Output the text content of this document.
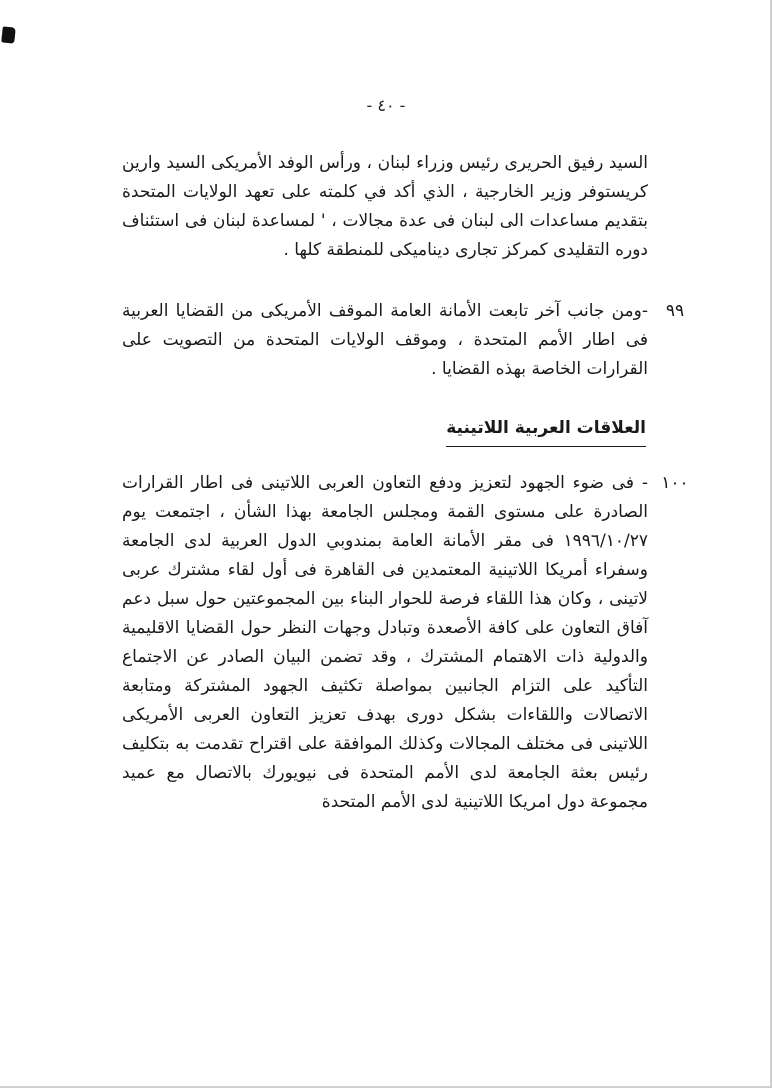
- ٤٠ -

السيد رفيق الحريرى رئيس وزراء لبنان ، ورأس الوفد الأمريكى السيد وارين كريستوفر وزير الخارجية ، الذي أكد في كلمته على تعهد الولايات المتحدة بتقديم مساعدات الى لبنان فى عدة مجالات ، ' لمساعدة لبنان فى استئناف دوره التقليدى كمركز تجارى ديناميكى للمنطقة كلها .

٩٩
-ومن جانب آخر تابعت الأمانة العامة الموقف الأمريكى من القضايا العربية فى اطار الأمم المتحدة ، وموقف الولايات المتحدة من التصويت على القرارات الخاصة بهذه القضايا .
العلاقات العربية اللاتينية
١٠٠
- فى ضوء الجهود لتعزيز ودفع التعاون العربى اللاتينى فى اطار القرارات الصادرة على مستوى القمة ومجلس الجامعة بهذا الشأن ، اجتمعت يوم ١٩٩٦/١٠/٢٧ فى مقر الأمانة العامة بمندوبي الدول العربية لدى الجامعة وسفراء أمريكا اللاتينية المعتمدين فى القاهرة فى أول لقاء مشترك عربى لاتينى ، وكان هذا اللقاء فرصة للحوار البناء بين المجموعتين حول سبل دعم آفاق التعاون على كافة الأصعدة وتبادل وجهات النظر حول القضايا الاقليمية والدولية ذات الاهتمام المشترك ، وقد تضمن البيان الصادر عن الاجتماع التأكيد على التزام الجانبين بمواصلة تكثيف الجهود المشتركة ومتابعة الاتصالات واللقاءات بشكل دورى بهدف تعزيز التعاون العربى الأمريكى اللاتينى فى مختلف المجالات وكذلك الموافقة على اقتراح تقدمت به بتكليف رئيس بعثة الجامعة لدى الأمم المتحدة فى نيويورك بالاتصال مع عميد مجموعة دول امريكا اللاتينية لدى الأمم المتحدة
